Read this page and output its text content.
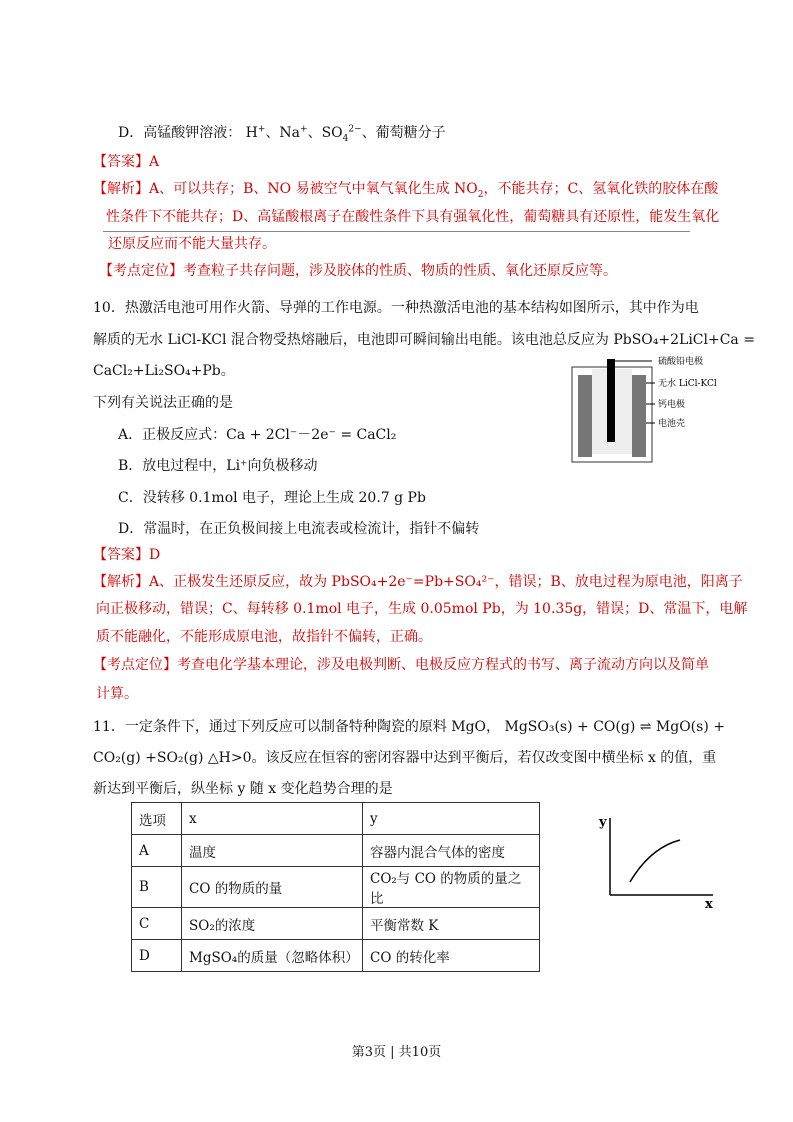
D．高锰酸钾溶液： H+、Na+、$SO_4^{2-}$、葡萄糖分子
【答案】A
【解析】A、可以共存；B、NO 易被空气中氧气氧化生成 $NO_2$，不能共存；C、氢氧化铁的胶体在酸
性条件下不能共存；D、高锰酸根离子在酸性条件下具有强氧化性，葡萄糖具有还原性，能发生氧化
还原反应而不能大量共存。
【考点定位】考查粒子共存问题，涉及胶体的性质、物质的性质、氧化还原反应等。
10．热激活电池可用作火箭、导弹的工作电源。一种热激活电池的基本结构如图所示，其中作为电
解质的无水 LiCl-KCl 混合物受热熔融后，电池即可瞬间输出电能。该电池总反应为 PbSO₄+2LiCl+Ca =
CaCl₂+Li₂SO₄+Pb。
下列有关说法正确的是
A．正极反应式：Ca + 2Cl⁻－2e⁻ = CaCl₂
B．放电过程中，Li⁺向负极移动
C．没转移 0.1mol 电子，理论上生成 20.7 g Pb
D．常温时，在正负极间接上电流表或检流计，指针不偏转
硫酸铅电极
无水 LiCl-KCl
钙电极
电池壳
【答案】D
【解析】A、正极发生还原反应，故为 PbSO₄+2e⁻=Pb+SO₄²⁻，错误；B、放电过程为原电池，阳离子
向正极移动，错误；C、每转移 0.1mol 电子，生成 0.05mol Pb，为 10.35g，错误；D、常温下，电解
质不能融化，不能形成原电池，故指针不偏转，正确。
【考点定位】考查电化学基本理论，涉及电极判断、电极反应方程式的书写、离子流动方向以及简单
计算。
11．一定条件下，通过下列反应可以制备特种陶瓷的原料 MgO， MgSO₃(s) + CO(g) ⇌ MgO(s) +
CO₂(g) +SO₂(g) △H>0。该反应在恒容的密闭容器中达到平衡后，若仅改变图中横坐标 x 的值，重
新达到平衡后，纵坐标 y 随 x 变化趋势合理的是
选项	x	y
A	温度	容器内混合气体的密度
B	CO 的物质的量	CO₂与 CO 的物质的量之比
C	SO₂的浓度	平衡常数 K
D	MgSO₄的质量（忽略体积）	CO 的转化率
y
x
第3页 | 共10页
